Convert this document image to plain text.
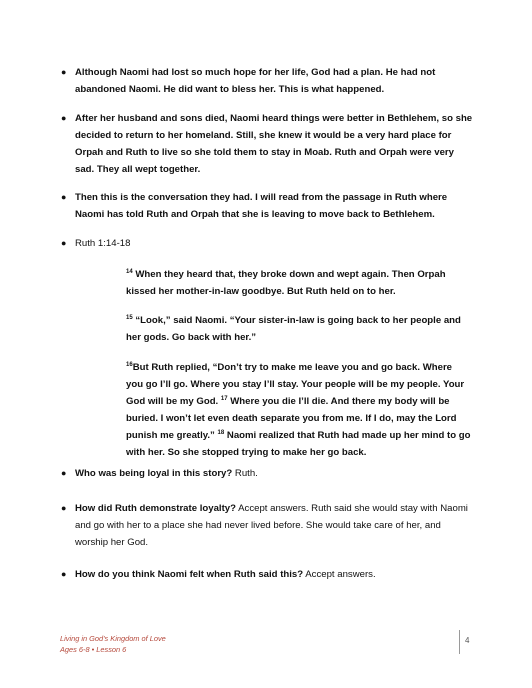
● Although Naomi had lost so much hope for her life, God had a plan. He had not abandoned Naomi. He did want to bless her. This is what happened.
● After her husband and sons died, Naomi heard things were better in Bethlehem, so she decided to return to her homeland. Still, she knew it would be a very hard place for Orpah and Ruth to live so she told them to stay in Moab. Ruth and Orpah were very sad. They all wept together.
● Then this is the conversation they had. I will read from the passage in Ruth where Naomi has told Ruth and Orpah that she is leaving to move back to Bethlehem.
● Ruth 1:14-18
$^{14}$ When they heard that, they broke down and wept again. Then Orpah kissed her mother-in-law goodbye. But Ruth held on to her.
$^{15}$ “Look,” said Naomi. “Your sister-in-law is going back to her people and her gods. Go back with her.”
$^{16}$But Ruth replied, “Don’t try to make me leave you and go back. Where you go I’ll go. Where you stay I’ll stay. Your people will be my people. Your God will be my God. $^{17}$ Where you die I’ll die. And there my body will be buried. I won’t let even death separate you from me. If I do, may the Lord punish me greatly.” $^{18}$ Naomi realized that Ruth had made up her mind to go with her. So she stopped trying to make her go back.
● Who was being loyal in this story? Ruth.
● How did Ruth demonstrate loyalty? Accept answers. Ruth said she would stay with Naomi and go with her to a place she had never lived before. She would take care of her, and worship her God.
● How do you think Naomi felt when Ruth said this? Accept answers.
Living in God's Kingdom of Love
Ages 6-8 • Lesson 6
4
